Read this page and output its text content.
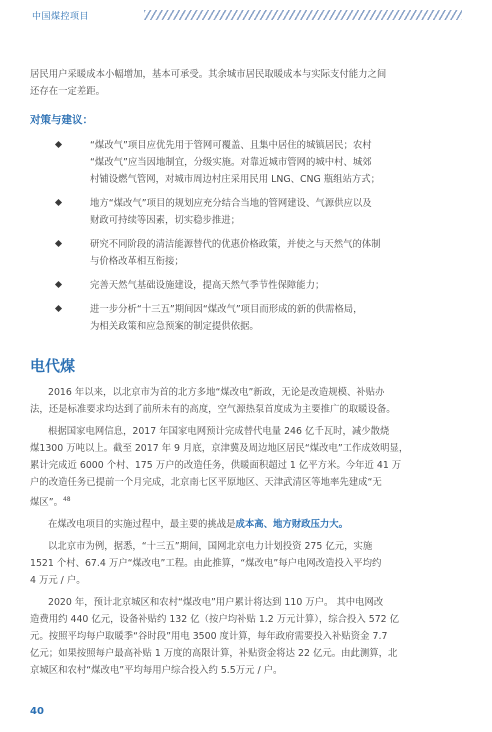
中国煤控项目

居民用户采暖成本小幅增加，基本可承受。其余城市居民取暖成本与实际支付能力之间
还存在一定差距。

对策与建议：
“煤改气”项目应优先用于管网可覆盖、且集中居住的城镇居民；农村
“煤改气”应当因地制宜，分级实施。对靠近城市管网的城中村、城郊
村铺设燃气管网，对城市周边村庄采用民用 LNG、CNG 瓶组站方式；
地方“煤改气”项目的规划应充分结合当地的管网建设、气源供应以及
财政可持续等因素，切实稳步推进；
研究不同阶段的清洁能源替代的优惠价格政策，并使之与天然气的体制
与价格改革相互衔接；
完善天然气基础设施建设，提高天然气季节性保障能力；
进一步分析“十三五”期间因“煤改气”项目而形成的新的供需格局，
为相关政策和应急预案的制定提供依据。
电代煤

2016 年以来，以北京市为首的北方多地“煤改电”新政，无论是改造规模、补贴办
法，还是标准要求均达到了前所未有的高度，空气源热泵首度成为主要推广的取暖设备。

根据国家电网信息，2017 年国家电网预计完成替代电量 246 亿千瓦时，减少散烧
煤1300 万吨以上。截至 2017 年 9 月底，京津冀及周边地区居民“煤改电”工作成效明显，
累计完成近 6000 个村、175 万户的改造任务，供暖面积超过 1 亿平方米。今年近 41 万
户的改造任务已提前一个月完成，北京南七区平原地区、天津武清区等地率先建成“无
煤区”。$^{48}$

在煤改电项目的实施过程中，最主要的挑战是成本高、地方财政压力大。

以北京市为例，据悉，“十三五”期间，国网北京电力计划投资 275 亿元，实施
1521 个村、67.4 万户“煤改电”工程。由此推算，“煤改电”每户电网改造投入平均约
4 万元 / 户。

2020 年，预计北京城区和农村“煤改电”用户累计将达到 110 万户。 其中电网改
造费用约 440 亿元，设备补贴约 132 亿（按户均补贴 1.2 万元计算），综合投入 572 亿
元。按照平均每户取暖季“谷时段”用电 3500 度计算，每年政府需要投入补贴资金 7.7
亿元；如果按照每户最高补贴 1 万度的高限计算，补贴资金将达 22 亿元。由此测算，北
京城区和农村“煤改电”平均每用户综合投入约 5.5万元 / 户。

40
